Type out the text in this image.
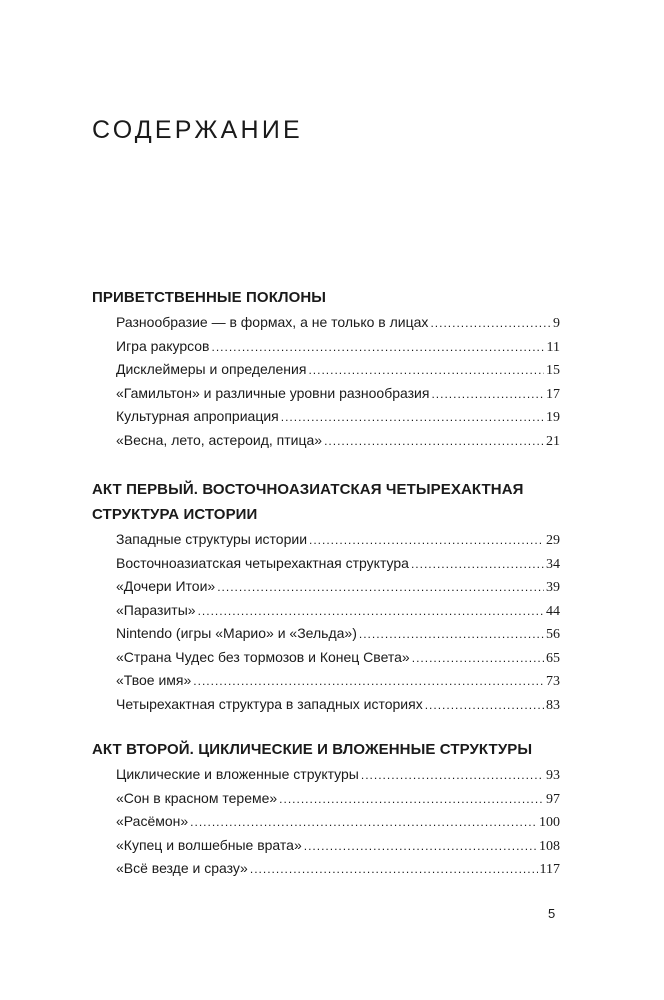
СОДЕРЖАНИЕ
ПРИВЕТСТВЕННЫЕ ПОКЛОНЫ
Разнообразие — в формах, а не только в лицах .....	9
Игра ракурсов .....	11
Дисклеймеры и определения .....	15
«Гамильтон» и различные уровни разнообразия .....	17
Культурная апроприация .....	19
«Весна, лето, астероид, птица» .....	21
АКТ ПЕРВЫЙ. ВОСТОЧНОАЗИАТСКАЯ ЧЕТЫРЕХАКТНАЯ
СТРУКТУРА ИСТОРИИ
Западные структуры истории .....	29
Восточноазиатская четырехактная структура .....	34
«Дочери Итои» .....	39
«Паразиты» .....	44
Nintendo (игры «Марио» и «Зельда») .....	56
«Страна Чудес без тормозов и Конец Света» .....	65
«Твое имя» .....	73
Четырехактная структура в западных историях .....	83
АКТ ВТОРОЙ. ЦИКЛИЧЕСКИЕ И ВЛОЖЕННЫЕ СТРУКТУРЫ
Циклические и вложенные структуры .....	93
«Сон в красном тереме» .....	97
«Расёмон» .....	100
«Купец и волшебные врата» .....	108
«Всё везде и сразу» .....	117
5
